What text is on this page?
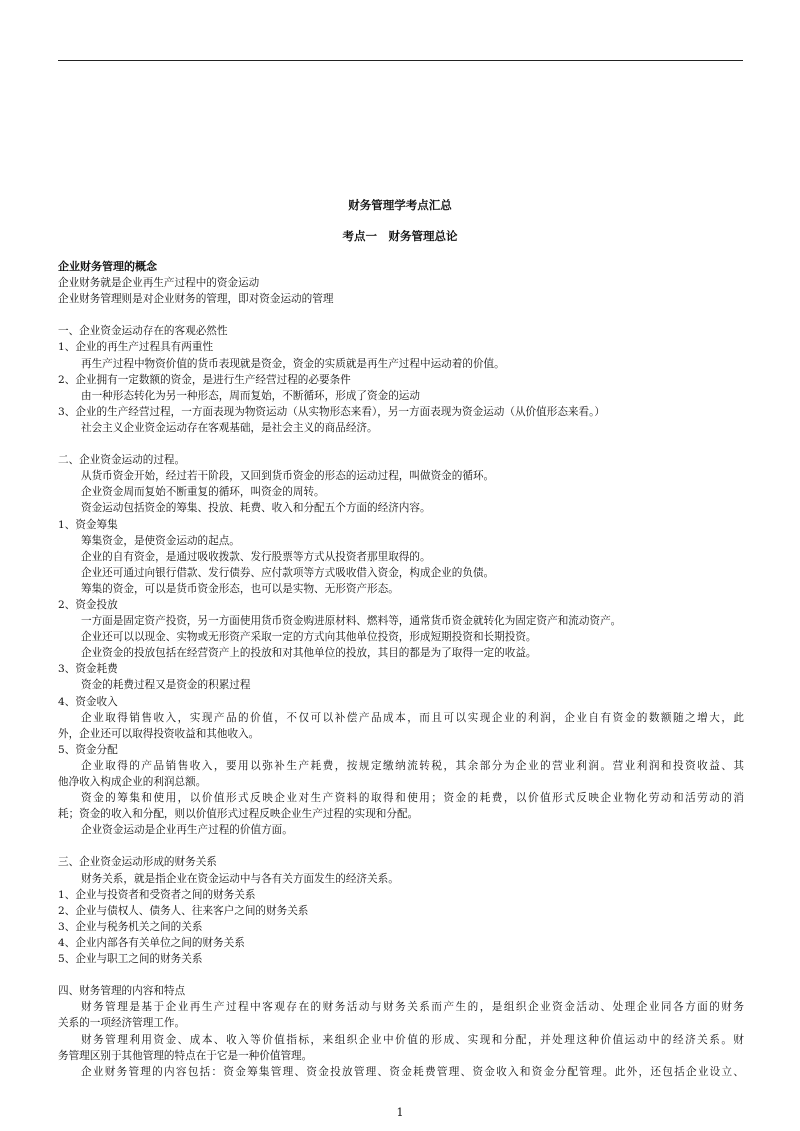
财务管理学考点汇总
考点一　财务管理总论

企业财务管理的概念

企业财务就是企业再生产过程中的资金运动

企业财务管理则是对企业财务的管理，即对资金运动的管理

一、企业资金运动存在的客观必然性

1、企业的再生产过程具有两重性

再生产过程中物资价值的货币表现就是资金，资金的实质就是再生产过程中运动着的价值。

2、企业拥有一定数额的资金，是进行生产经营过程的必要条件

由一种形态转化为另一种形态，周而复始，不断循环，形成了资金的运动

3、企业的生产经营过程，一方面表现为物资运动（从实物形态来看），另一方面表现为资金运动（从价值形态来看。）

社会主义企业资金运动存在客观基础，是社会主义的商品经济。

二、企业资金运动的过程。

从货币资金开始，经过若干阶段，又回到货币资金的形态的运动过程，叫做资金的循环。

企业资金周而复始不断重复的循环，叫资金的周转。

资金运动包括资金的筹集、投放、耗费、收入和分配五个方面的经济内容。

1、资金筹集

筹集资金，是使资金运动的起点。

企业的自有资金，是通过吸收拨款、发行股票等方式从投资者那里取得的。

企业还可通过向银行借款、发行债券、应付款项等方式吸收借入资金，构成企业的负债。

筹集的资金，可以是货币资金形态，也可以是实物、无形资产形态。

2、资金投放

一方面是固定资产投资，另一方面使用货币资金购进原材料、燃料等，通常货币资金就转化为固定资产和流动资产。

企业还可以以现金、实物或无形资产采取一定的方式向其他单位投资，形成短期投资和长期投资。

企业资金的投放包括在经营资产上的投放和对其他单位的投放，其目的都是为了取得一定的收益。

3、资金耗费

资金的耗费过程又是资金的积累过程

4、资金收入

企业取得销售收入，实现产品的价值，不仅可以补偿产品成本，而且可以实现企业的利润，企业自有资金的数额随之增大，此

外，企业还可以取得投资收益和其他收入。

5、资金分配

企业取得的产品销售收入，要用以弥补生产耗费，按规定缴纳流转税，其余部分为企业的营业利润。营业利润和投资收益、其

他净收入构成企业的利润总额。

资金的筹集和使用，以价值形式反映企业对生产资料的取得和使用；资金的耗费，以价值形式反映企业物化劳动和活劳动的消

耗；资金的收入和分配，则以价值形式过程反映企业生产过程的实现和分配。

企业资金运动是企业再生产过程的价值方面。

三、企业资金运动形成的财务关系

财务关系，就是指企业在资金运动中与各有关方面发生的经济关系。

1、企业与投资者和受资者之间的财务关系

2、企业与债权人、债务人、往来客户之间的财务关系

3、企业与税务机关之间的关系

4、企业内部各有关单位之间的财务关系

5、企业与职工之间的财务关系

四、财务管理的内容和特点

财务管理是基于企业再生产过程中客观存在的财务活动与财务关系而产生的，是组织企业资金活动、处理企业同各方面的财务

关系的一项经济管理工作。

财务管理利用资金、成本、收入等价值指标，来组织企业中价值的形成、实现和分配，并处理这种价值运动中的经济关系。财

务管理区别于其他管理的特点在于它是一种价值管理。

企业财务管理的内容包括：资金筹集管理、资金投放管理、资金耗费管理、资金收入和资金分配管理。此外，还包括企业设立、

1
